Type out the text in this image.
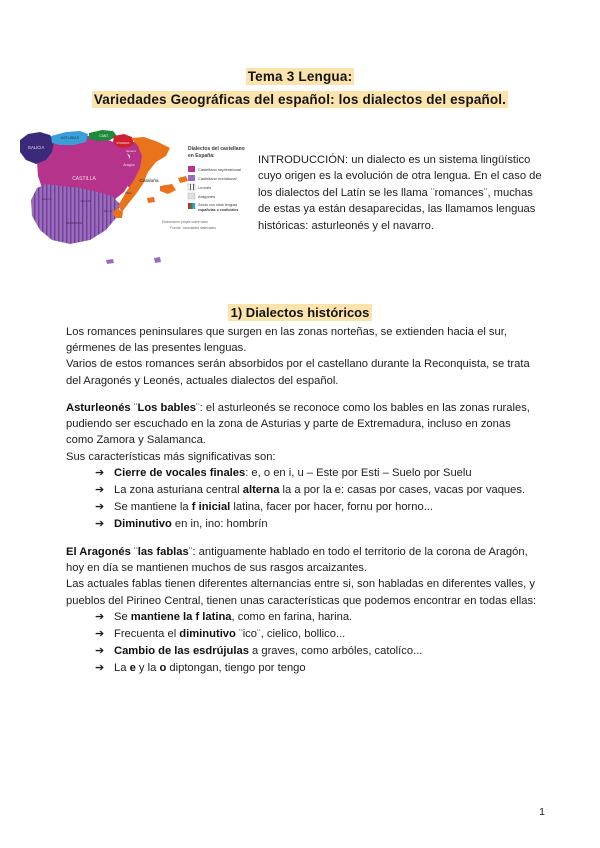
Tema 3 Lengua:
Variedades Geográficas del español: los dialectos del español.
GALICIA
ASTURIAS	CANT.
P.VASCO
CASTILLA
Aragón
Navarra
Cataluña
Andalucía
Extrem.	Mancha
Murcia
Valen.
Dialectos del castellano
en España:
Castellano septentrional
Castellano meridional
Leonés
Aragonés
Zonas con otras lenguas
españolas o cooficiales
Elaboración propia sobre base
Fuente: variedades dialectales
INTRODUCCIÓN: un dialecto es un sistema lingüístico cuyo origen es la evolución de otra lengua. En el caso de los dialectos del Latín se les llama ¨romances¨, muchas de estas ya están desaparecidas, las llamamos lenguas históricas: asturleonés y el navarro.
1) Dialectos históricos

Los romances peninsulares que surgen en las zonas norteñas, se extienden hacia el sur, gérmenes de las presentes lenguas.

Varios de estos romances serán absorbidos por el castellano durante la Reconquista, se trata del Aragonés y Leonés, actuales dialectos del español.

Asturleonés ¨Los bables¨: el asturleonés se reconoce como los bables en las zonas rurales, pudiendo ser escuchado en la zona de Asturias y parte de Extremadura, incluso en zonas como Zamora y Salamanca.

Sus características más significativas son:

➔ Cierre de vocales finales: e, o en i, u – Este por Esti – Suelo por Suelu
➔ La zona asturiana central alterna la a por la e: casas por cases, vacas por vaques.
➔ Se mantiene la f inicial latina, facer por hacer, fornu por horno...
➔ Diminutivo en in, ino: hombrín

El Aragonés ¨las fablas¨: antiguamente hablado en todo el territorio de la corona de Aragón, hoy en día se mantienen muchos de sus rasgos arcaizantes.

Las actuales fablas tienen diferentes alternancias entre si, son habladas en diferentes valles, y pueblos del Pirineo Central, tienen unas características que podemos encontrar en todas ellas:

➔ Se mantiene la f latina, como en farina, harina.
➔ Frecuenta el diminutivo ¨ico¨, cielico, bollico...
➔ Cambio de las esdrújulas a graves, como arbóles, catolíco...
➔ La e y la o diptongan, tiengo por tengo
1
